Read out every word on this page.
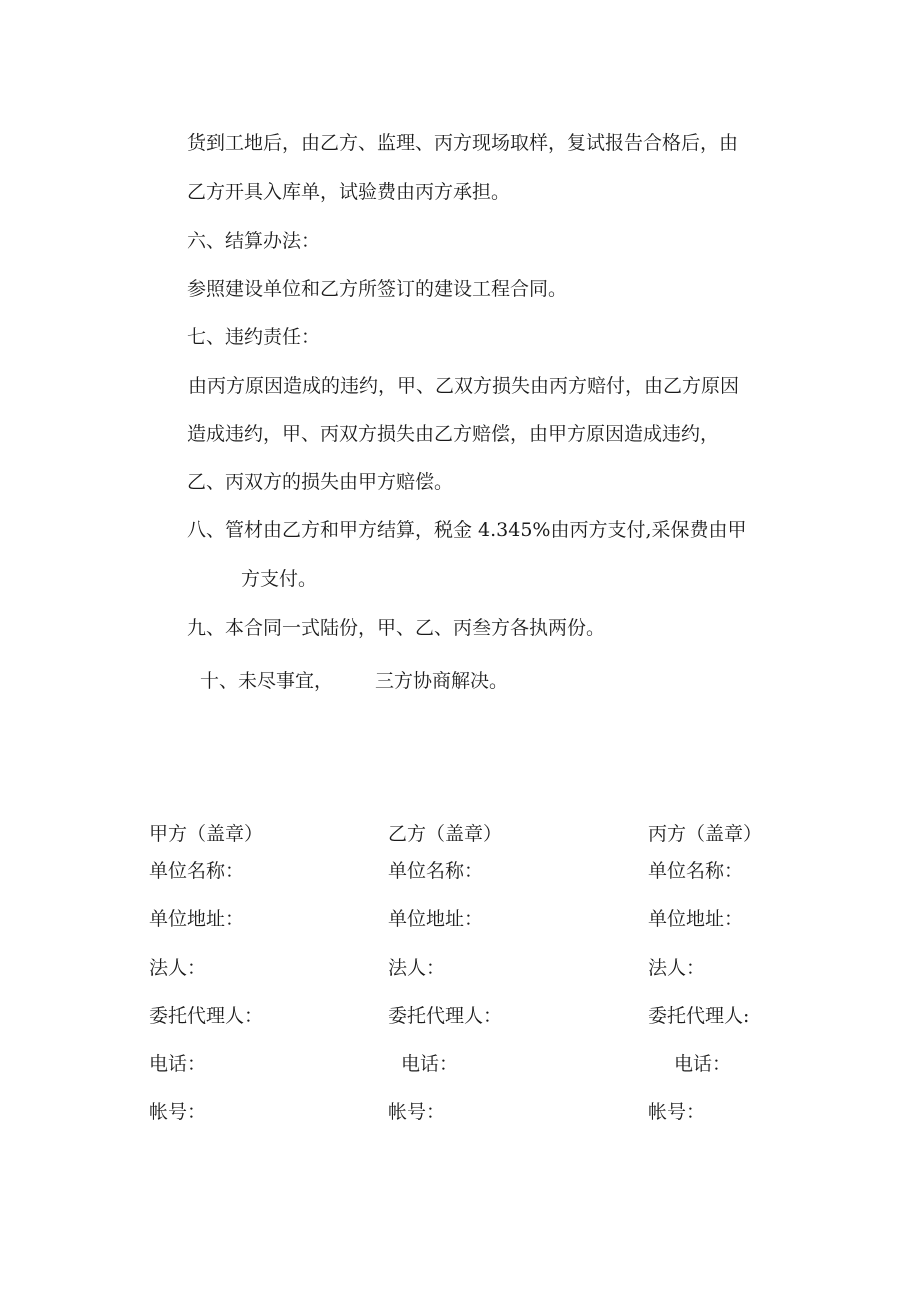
货到工地后，由乙方、监理、丙方现场取样，复试报告合格后，由
乙方开具入库单，试验费由丙方承担。
六、结算办法：
参照建设单位和乙方所签订的建设工程合同。
七、违约责任：
由丙方原因造成的违约，甲、乙双方损失由丙方赔付，由乙方原因
造成违约，甲、丙双方损失由乙方赔偿，由甲方原因造成违约，
乙、丙双方的损失由甲方赔偿。
八、管材由乙方和甲方结算，税金 4.345%由丙方支付,采保费由甲
方支付。
九、本合同一式陆份，甲、乙、丙叁方各执两份。
十、未尽事宜， 三方协商解决。
甲方（盖章）
单位名称：
单位地址：
法人：
委托代理人：
电话：
帐号：
乙方（盖章）
单位名称：
单位地址：
法人：
委托代理人：
电话：
帐号：
丙方（盖章）
单位名称：
单位地址：
法人：
委托代理人:
电话：
帐号：
